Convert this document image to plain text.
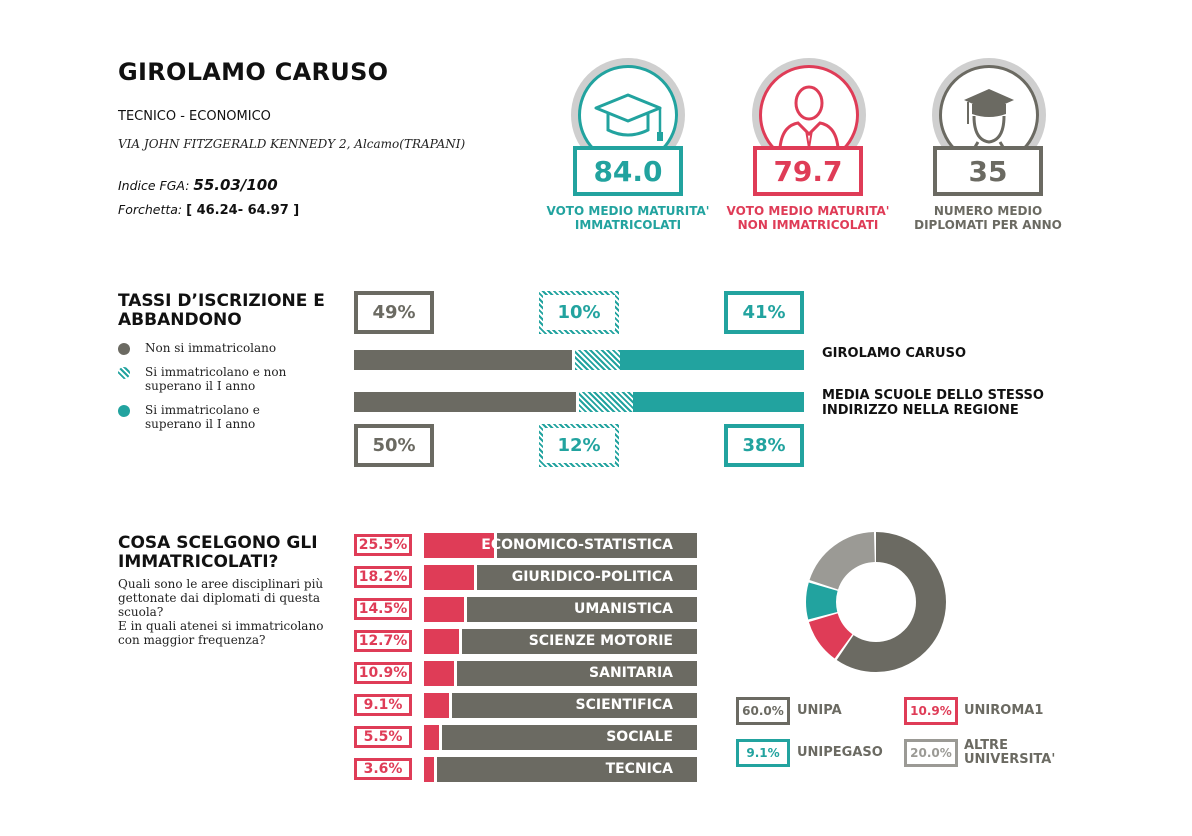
GIROLAMO CARUSO
TECNICO - ECONOMICO
VIA JOHN FITZGERALD KENNEDY 2, Alcamo(TRAPANI)
Indice FGA: 55.03/100
Forchetta: [ 46.24- 64.97 ]
84.0
VOTO MEDIO MATURITA'
IMMATRICOLATI
79.7
VOTO MEDIO MATURITA'
NON IMMATRICOLATI
35
NUMERO MEDIO
DIPLOMATI PER ANNO
TASSI D’ISCRIZIONE E
ABBANDONO
Non si immatricolano
Si immatricolano e non
superano il I anno
Si immatricolano e
superano il I anno
49%	10%	41%
GIROLAMO CARUSO
MEDIA SCUOLE DELLO STESSO
INDIRIZZO NELLA REGIONE
50%	12%	38%
COSA SCELGONO GLI
IMMATRICOLATI?
Quali sono le aree disciplinari più
gettonate dai diplomati di questa
scuola?
E in quali atenei si immatricolano
con maggior frequenza?
25.5%	ECONOMICO-STATISTICA
18.2%	GIURIDICO-POLITICA
14.5%	UMANISTICA
12.7%	SCIENZE MOTORIE
10.9%	SANITARIA
9.1%	SCIENTIFICA
5.5%	SOCIALE
3.6%	TECNICA
60.0%	UNIPA	10.9% UNIROMA1
9.1%	UNIPEGASO	20.0% ALTRE
UNIVERSITA'
